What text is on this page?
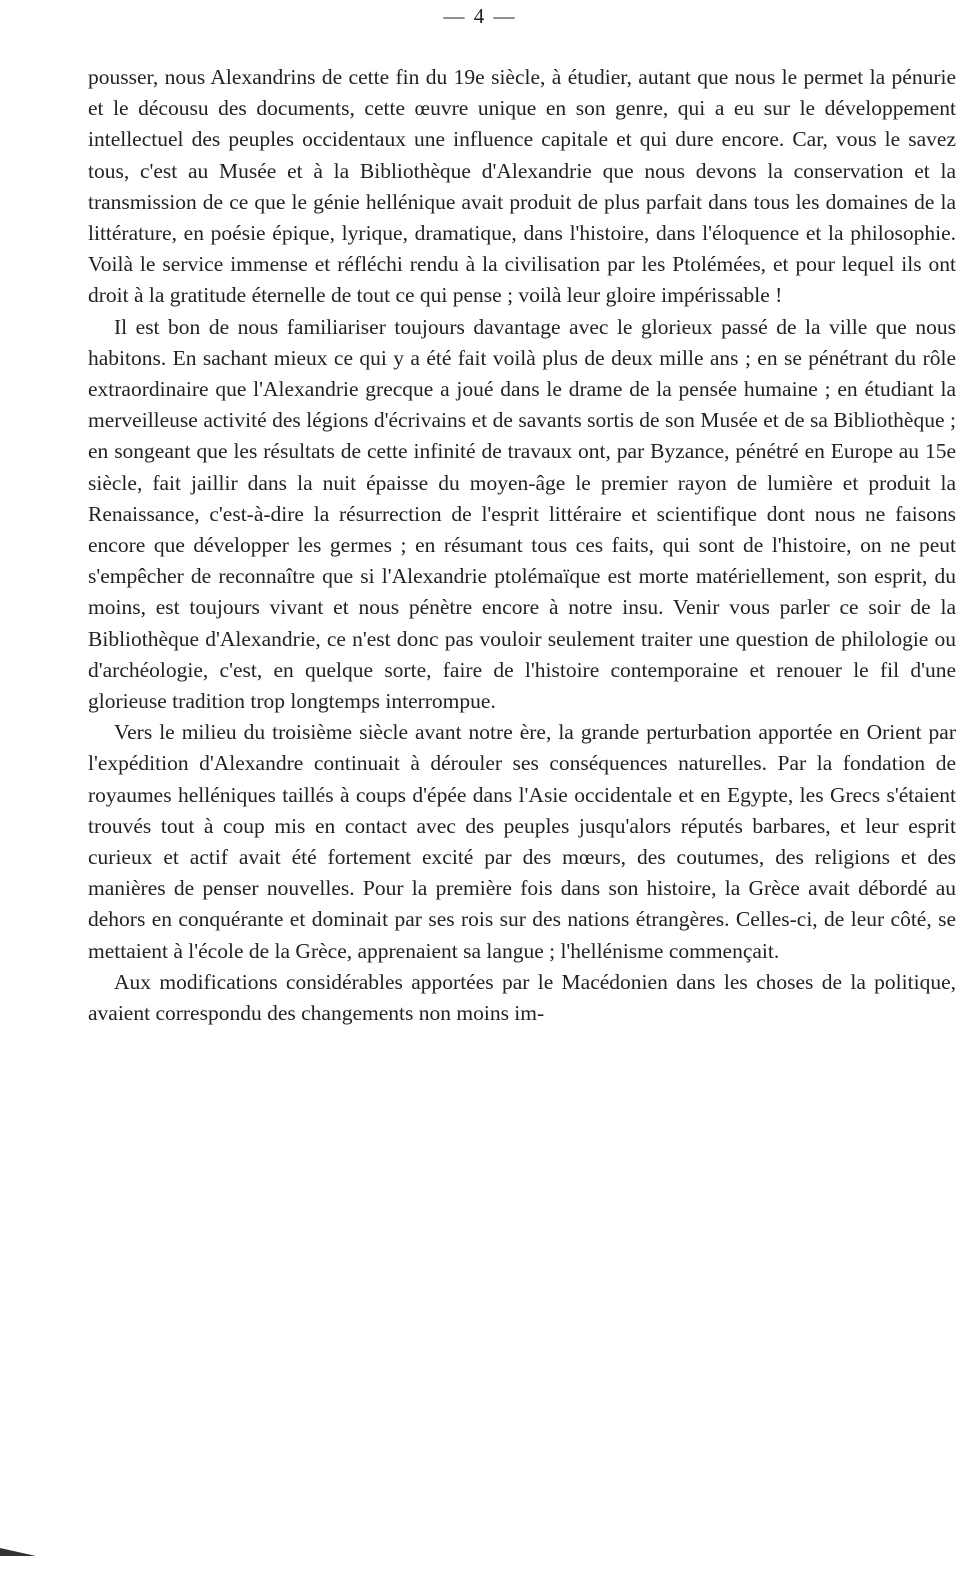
— 4 —

pousser, nous Alexandrins de cette fin du 19e siècle, à étudier, autant que nous le permet la pénurie et le décousu des documents, cette œuvre unique en son genre, qui a eu sur le développement intellectuel des peuples occidentaux une influence capitale et qui dure encore. Car, vous le savez tous, c'est au Musée et à la Bibliothèque d'Alexandrie que nous devons la conservation et la transmission de ce que le génie hellénique avait produit de plus parfait dans tous les domaines de la littérature, en poésie épique, lyrique, dramatique, dans l'histoire, dans l'éloquence et la philosophie. Voilà le service immense et réfléchi rendu à la civilisation par les Ptolémées, et pour lequel ils ont droit à la gratitude éternelle de tout ce qui pense ; voilà leur gloire impérissable !

Il est bon de nous familiariser toujours davantage avec le glorieux passé de la ville que nous habitons. En sachant mieux ce qui y a été fait voilà plus de deux mille ans ; en se pénétrant du rôle extraordinaire que l'Alexandrie grecque a joué dans le drame de la pensée humaine ; en étudiant la merveilleuse activité des légions d'écrivains et de savants sortis de son Musée et de sa Bibliothèque ; en songeant que les résultats de cette infinité de travaux ont, par Byzance, pénétré en Europe au 15e siècle, fait jaillir dans la nuit épaisse du moyen-âge le premier rayon de lumière et produit la Renaissance, c'est-à-dire la résurrection de l'esprit littéraire et scientifique dont nous ne faisons encore que développer les germes ; en résumant tous ces faits, qui sont de l'histoire, on ne peut s'empêcher de reconnaître que si l'Alexandrie ptolémaïque est morte matériellement, son esprit, du moins, est toujours vivant et nous pénètre encore à notre insu. Venir vous parler ce soir de la Bibliothèque d'Alexandrie, ce n'est donc pas vouloir seulement traiter une question de philologie ou d'archéologie, c'est, en quelque sorte, faire de l'histoire contemporaine et renouer le fil d'une glorieuse tradition trop longtemps interrompue.

Vers le milieu du troisième siècle avant notre ère, la grande perturbation apportée en Orient par l'expédition d'Alexandre continuait à dérouler ses conséquences naturelles. Par la fondation de royaumes helléniques taillés à coups d'épée dans l'Asie occidentale et en Egypte, les Grecs s'étaient trouvés tout à coup mis en contact avec des peuples jusqu'alors réputés barbares, et leur esprit curieux et actif avait été fortement excité par des mœurs, des coutumes, des religions et des manières de penser nouvelles. Pour la première fois dans son histoire, la Grèce avait débordé au dehors en conquérante et dominait par ses rois sur des nations étrangères. Celles-ci, de leur côté, se mettaient à l'école de la Grèce, apprenaient sa langue ; l'hellénisme commençait.

Aux modifications considérables apportées par le Macédonien dans les choses de la politique, avaient correspondu des changements non moins im-
